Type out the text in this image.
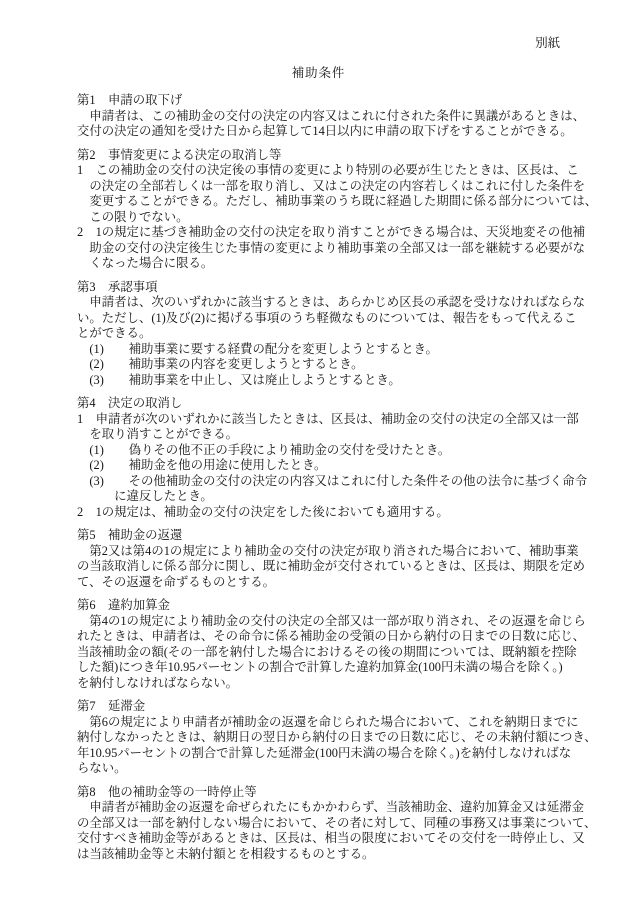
別紙
補助条件
第1　申請の取下げ
　申請者は、この補助金の交付の決定の内容又はこれに付された条件に異議があるときは、
交付の決定の通知を受けた日から起算して14日以内に申請の取下げをすることができる。
第2　事情変更による決定の取消し等
1　この補助金の交付の決定後の事情の変更により特別の必要が生じたときは、区長は、こ
　の決定の全部若しくは一部を取り消し、又はこの決定の内容若しくはこれに付した条件を
　変更することができる。ただし、補助事業のうち既に経過した期間に係る部分については、
　この限りでない。
2　1の規定に基づき補助金の交付の決定を取り消すことができる場合は、天災地変その他補
　助金の交付の決定後生じた事情の変更により補助事業の全部又は一部を継続する必要がな
　くなった場合に限る。
第3　承認事項
　申請者は、次のいずれかに該当するときは、あらかじめ区長の承認を受けなければならな
い。ただし、(1)及び(2)に掲げる事項のうち軽微なものについては、報告をもって代えるこ
とができる。
　(1)　　補助事業に要する経費の配分を変更しようとするとき。
　(2)　　補助事業の内容を変更しようとするとき。
　(3)　　補助事業を中止し、又は廃止しようとするとき。
第4　決定の取消し
1　申請者が次のいずれかに該当したときは、区長は、補助金の交付の決定の全部又は一部
　を取り消すことができる。
　(1)　　偽りその他不正の手段により補助金の交付を受けたとき。
　(2)　　補助金を他の用途に使用したとき。
　(3)　　その他補助金の交付の決定の内容又はこれに付した条件その他の法令に基づく命令
　　　に違反したとき。
2　1の規定は、補助金の交付の決定をした後においても適用する。
第5　補助金の返還
　第2又は第4の1の規定により補助金の交付の決定が取り消された場合において、補助事業
の当該取消しに係る部分に関し、既に補助金が交付されているときは、区長は、期限を定め
て、その返還を命ずるものとする。
第6　違約加算金
　第4の1の規定により補助金の交付の決定の全部又は一部が取り消され、その返還を命じら
れたときは、申請者は、その命令に係る補助金の受領の日から納付の日までの日数に応じ、
当該補助金の額(その一部を納付した場合におけるその後の期間については、既納額を控除
した額)につき年10.95パーセントの割合で計算した違約加算金(100円未満の場合を除く。)
を納付しなければならない。
第7　延滞金
　第6の規定により申請者が補助金の返還を命じられた場合において、これを納期日までに
納付しなかったときは、納期日の翌日から納付の日までの日数に応じ、その未納付額につき、
年10.95パーセントの割合で計算した延滞金(100円未満の場合を除く。)を納付しなければな
らない。
第8　他の補助金等の一時停止等
　申請者が補助金の返還を命ぜられたにもかかわらず、当該補助金、違約加算金又は延滞金
の全部又は一部を納付しない場合において、その者に対して、同種の事務又は事業について、
交付すべき補助金等があるときは、区長は、相当の限度においてその交付を一時停止し、又
は当該補助金等と未納付額とを相殺するものとする。
